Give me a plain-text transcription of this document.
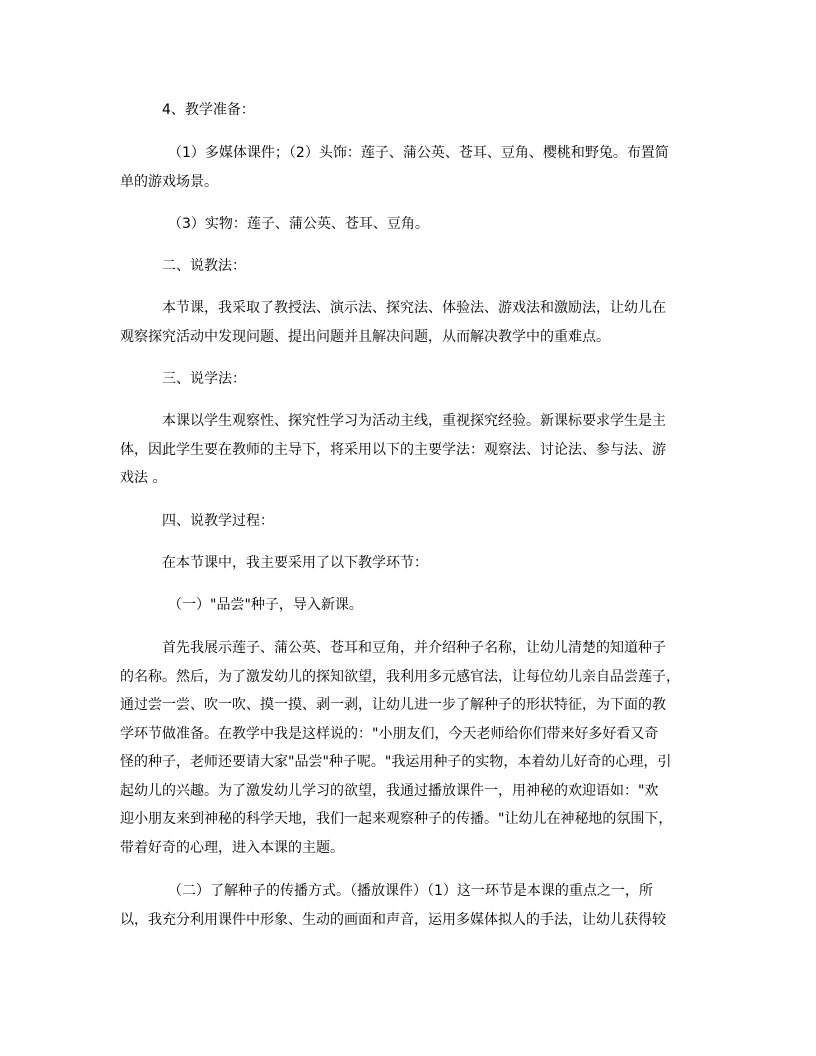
4、教学准备：
（1）多媒体课件；（2）头饰：莲子、蒲公英、苍耳、豆角、樱桃和野兔。布置简
单的游戏场景。
（3）实物：莲子、蒲公英、苍耳、豆角。
二、说教法：
本节课，我采取了教授法、演示法、探究法、体验法、游戏法和激励法，让幼儿在
观察探究活动中发现问题、提出问题并且解决问题，从而解决教学中的重难点。
三、说学法：
本课以学生观察性、探究性学习为活动主线，重视探究经验。新课标要求学生是主
体，因此学生要在教师的主导下，将采用以下的主要学法：观察法、讨论法、参与法、游
戏法 。
四、说教学过程：
在本节课中，我主要采用了以下教学环节：
（一）"品尝"种子，导入新课。
首先我展示莲子、蒲公英、苍耳和豆角，并介绍种子名称，让幼儿清楚的知道种子
的名称。然后，为了激发幼儿的探知欲望，我利用多元感官法，让每位幼儿亲自品尝莲子，
通过尝一尝、吹一吹、摸一摸、剥一剥，让幼儿进一步了解种子的形状特征，为下面的教
学环节做准备。在教学中我是这样说的："小朋友们，今天老师给你们带来好多好看又奇
怪的种子，老师还要请大家"品尝"种子呢。"我运用种子的实物，本着幼儿好奇的心理，引
起幼儿的兴趣。为了激发幼儿学习的欲望，我通过播放课件一，用神秘的欢迎语如："欢
迎小朋友来到神秘的科学天地，我们一起来观察种子的传播。"让幼儿在神秘地的氛围下，
带着好奇的心理，进入本课的主题。
（二）了解种子的传播方式。（播放课件）（1）这一环节是本课的重点之一，所
以，我充分利用课件中形象、生动的画面和声音，运用多媒体拟人的手法，让幼儿获得较
